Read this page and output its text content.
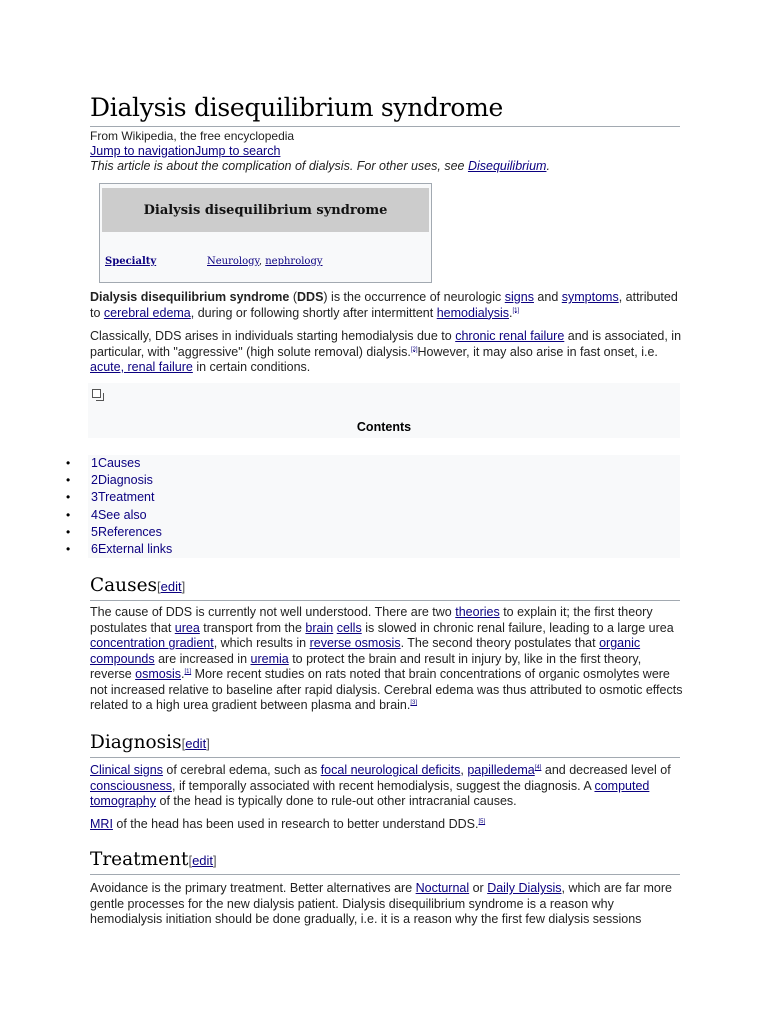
Dialysis disequilibrium syndrome
From Wikipedia, the free encyclopedia
Jump to navigationJump to search
This article is about the complication of dialysis. For other uses, see Disequilibrium.
Dialysis disequilibrium syndrome
Specialty	Neurology, nephrology
Dialysis disequilibrium syndrome (DDS) is the occurrence of neurologic signs and symptoms, attributed to cerebral edema, during or following shortly after intermittent hemodialysis.[1]
Classically, DDS arises in individuals starting hemodialysis due to chronic renal failure and is associated, in particular, with "aggressive" (high solute removal) dialysis.[2]However, it may also arise in fast onset, i.e. acute, renal failure in certain conditions.
Contents
• 1Causes
• 2Diagnosis
• 3Treatment
• 4See also
• 5References
• 6External links
Causes[edit]
The cause of DDS is currently not well understood. There are two theories to explain it; the first theory postulates that urea transport from the brain cells is slowed in chronic renal failure, leading to a large urea concentration gradient, which results in reverse osmosis. The second theory postulates that organic compounds are increased in uremia to protect the brain and result in injury by, like in the first theory, reverse osmosis.[1] More recent studies on rats noted that brain concentrations of organic osmolytes were not increased relative to baseline after rapid dialysis. Cerebral edema was thus attributed to osmotic effects related to a high urea gradient between plasma and brain.[3]
Diagnosis[edit]
Clinical signs of cerebral edema, such as focal neurological deficits, papilledema[4] and decreased level of consciousness, if temporally associated with recent hemodialysis, suggest the diagnosis. A computed tomography of the head is typically done to rule-out other intracranial causes.
MRI of the head has been used in research to better understand DDS.[5]
Treatment[edit]
Avoidance is the primary treatment. Better alternatives are Nocturnal or Daily Dialysis, which are far more gentle processes for the new dialysis patient. Dialysis disequilibrium syndrome is a reason why hemodialysis initiation should be done gradually, i.e. it is a reason why the first few dialysis sessions
